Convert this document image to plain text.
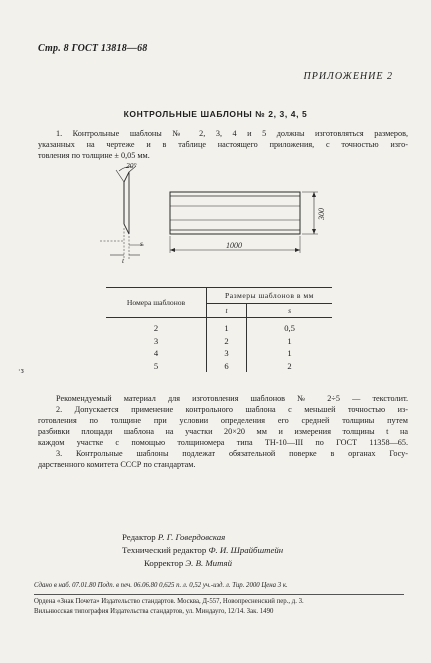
Стр. 8 ГОСТ 13818—68
ПРИЛОЖЕНИЕ 2
КОНТРОЛЬНЫЕ ШАБЛОНЫ № 2, 3, 4, 5
1. Контрольные шаблоны № 2, 3, 4 и 5 должны изготовляться размеров,
указанных на чертеже и в таблице настоящего приложения, с точностью изго-
товления по толщине ± 0,05 мм.
20°
s
t
1000
300
Номера шаблонов	Размеры шаблонов в мм	
	t	s

2	1	0,5
3	2	1
4	3	1
5	6	2
·з
Рекомендуемый материал для изготовления шаблонов № 2÷5 — текстолит.
2. Допускается применение контрольного шаблона с меньшей точностью из-
готовления по толщине при условии определения его средней толщины путем
разбивки площади шаблона на участки 20×20 мм и измерения толщины t на
каждом участке с помощью толщиномера типа ТН-10—III по ГОСТ 11358—65.
3. Контрольные шаблоны подлежат обязательной поверке в органах Госу-
дарственного комитета СССР по стандартам.
Редактор Р. Г. Говердовская
Технический редактор Ф. И. Шрайбштейн
Корректор Э. В. Митяй
Сдано в наб. 07.01.80 Подп. в печ. 06.06.80 0,625 п. л. 0,52 уч.-изд. л. Тир. 2000 Цена 3 к.
Ордена «Знак Почета» Издательство стандартов. Москва, Д-557, Новопресненский пер., д. 3.
Вильнюсская типография Издательства стандартов, ул. Миндауго, 12/14. Зак. 1490
